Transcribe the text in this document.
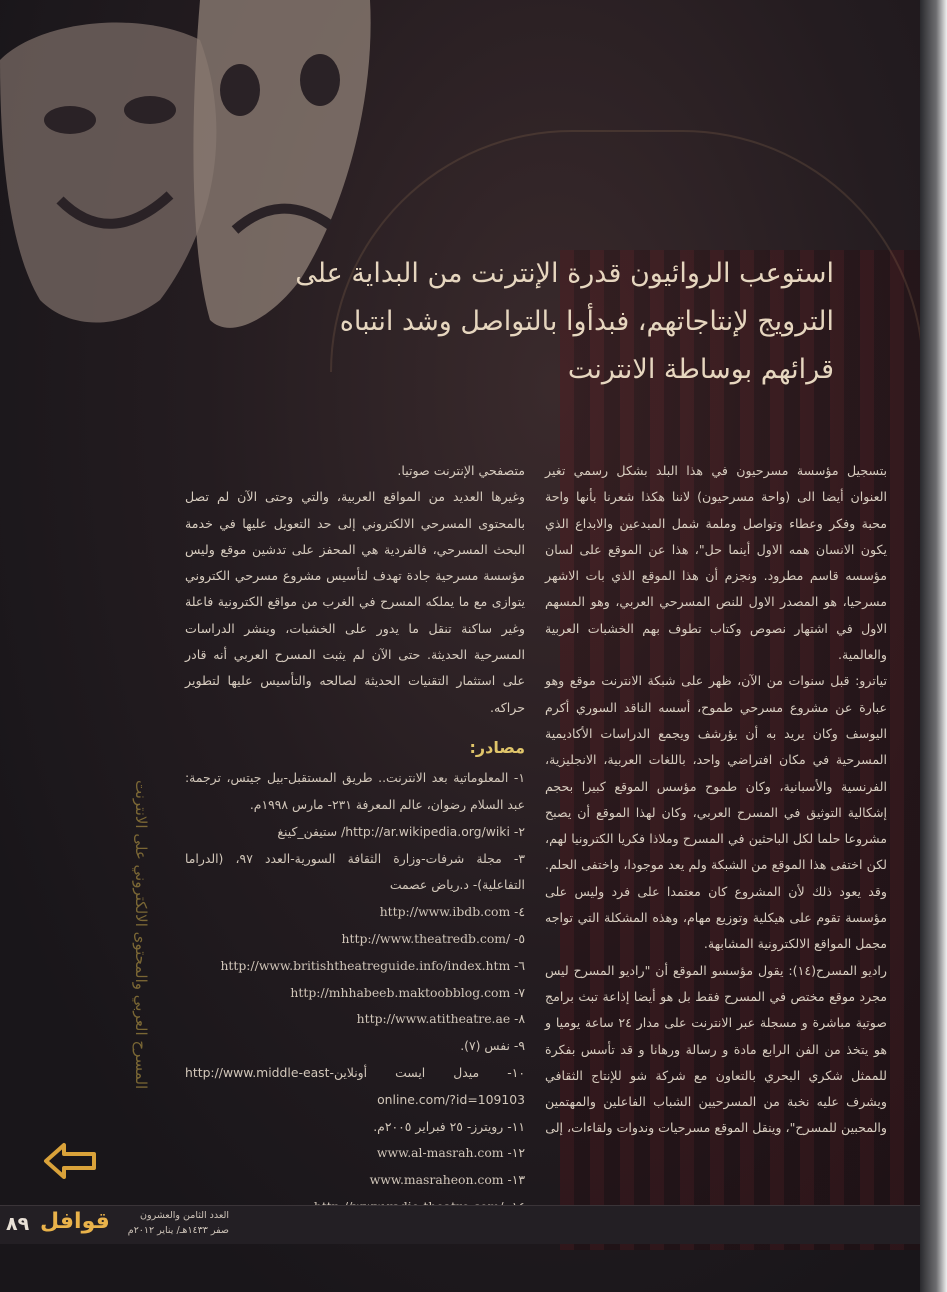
استوعب الروائيون قدرة الإنترنت من البداية على
الترويج لإنتاجاتهم، فبدأوا بالتواصل وشد انتباه
قرائهم بوساطة الانترنت

بتسجيل مؤسسة مسرحيون في هذا البلد بشكل رسمي تغير العنوان أيضا الى (واحة مسرحيون) لاننا هكذا شعرنا بأنها واحة محبة وفكر وعطاء وتواصل وملمة شمل المبدعين والابداع الذي يكون الانسان همه الاول أينما حل"، هذا عن الموقع على لسان مؤسسه قاسم مطرود. ونجزم أن هذا الموقع الذي بات الاشهر مسرحيا، هو المصدر الاول للنص المسرحي العربي، وهو المسهم الاول في اشتهار نصوص وكتاب تطوف بهم الخشبات العربية والعالمية.

تياترو: قبل سنوات من الآن، ظهر على شبكة الانترنت موقع وهو عبارة عن مشروع مسرحي طموح، أسسه الناقد السوري أكرم اليوسف وكان يريد به أن يؤرشف ويجمع الدراسات الأكاديمية المسرحية في مكان افتراضي واحد، باللغات العربية، الانجليزية، الفرنسية والأسبانية، وكان طموح مؤسس الموقع كبيرا بحجم إشكالية التوثيق في المسرح العربي، وكان لهذا الموقع أن يصبح مشروعا حلما لكل الباحثين في المسرح وملاذا فكريا الكترونيا لهم، لكن اختفى هذا الموقع من الشبكة ولم يعد موجودا، واختفى الحلم. وقد يعود ذلك لأن المشروع كان معتمدا على فرد وليس على مؤسسة تقوم على هيكلية وتوزيع مهام، وهذه المشكلة التي تواجه مجمل المواقع الالكترونية المشابهة.

راديو المسرح(١٤): يقول مؤسسو الموقع أن "راديو المسرح ليس مجرد موقع مختص في المسرح فقط بل هو أيضا إذاعة تبث برامج صوتية مباشرة و مسجلة عبر الانترنت على مدار ٢٤ ساعة يوميا و هو يتخذ من الفن الرابع مادة و رسالة ورهانا و قد تأسس بفكرة للممثل شكري البحري بالتعاون مع شركة شو للإنتاج الثقافي ويشرف عليه نخبة من المسرحيين الشباب الفاعلين والمهتمين والمحبين للمسرح"، وينقل الموقع مسرحيات وندوات ولقاءات، إلى

متصفحي الإنترنت صوتيا.

وغيرها العديد من المواقع العربية، والتي وحتى الآن لم تصل بالمحتوى المسرحي الالكتروني إلى حد التعويل عليها في خدمة البحث المسرحي، فالفردية هي المحفز على تدشين موقع وليس مؤسسة مسرحية جادة تهدف لتأسيس مشروع مسرحي الكتروني يتوازى مع ما يملكه المسرح في الغرب من مواقع الكترونية فاعلة وغير ساكنة تنقل ما يدور على الخشبات، وينشر الدراسات المسرحية الحديثة. حتى الآن لم يثبت المسرح العربي أنه قادر على استثمار التقنيات الحديثة لصالحه والتأسيس عليها لتطوير حراكه.

مصادر:
١- المعلوماتية بعد الانترنت.. طريق المستقبل-بيل جيتس، ترجمة: عبد السلام رضوان، عالم المعرفة ٢٣١- مارس ١٩٩٨م.
٢- http://ar.wikipedia.org/wiki/ ستيفن_كينغ
٣- مجلة شرفات-وزارة الثقافة السورية-العدد ٩٧، (الدراما التفاعلية)- د.رياض عصمت
http://www.ibdb.com -٤
http://www.theatredb.com/ -٥
http://www.britishtheatreguide.info/index.htm -٦
http://mhhabeeb.maktoobblog.com -٧
http://www.atitheatre.ae -٨
٩- نفس (٧).
١٠- ميدل ايست أونلاين-http://www.middle-east online.com/?id=109103
١١- رويترز- ٢٥ فبراير ٢٠٠٥م.
www.al-masrah.com -١٢
www.masraheon.com -١٣
المسرح العربي والمحتوى الالكتروني على الانترنت
٨٩ قوافل	العدد الثامن والعشرون
صفر ١٤٣٣هـ/ يناير ٢٠١٢م
